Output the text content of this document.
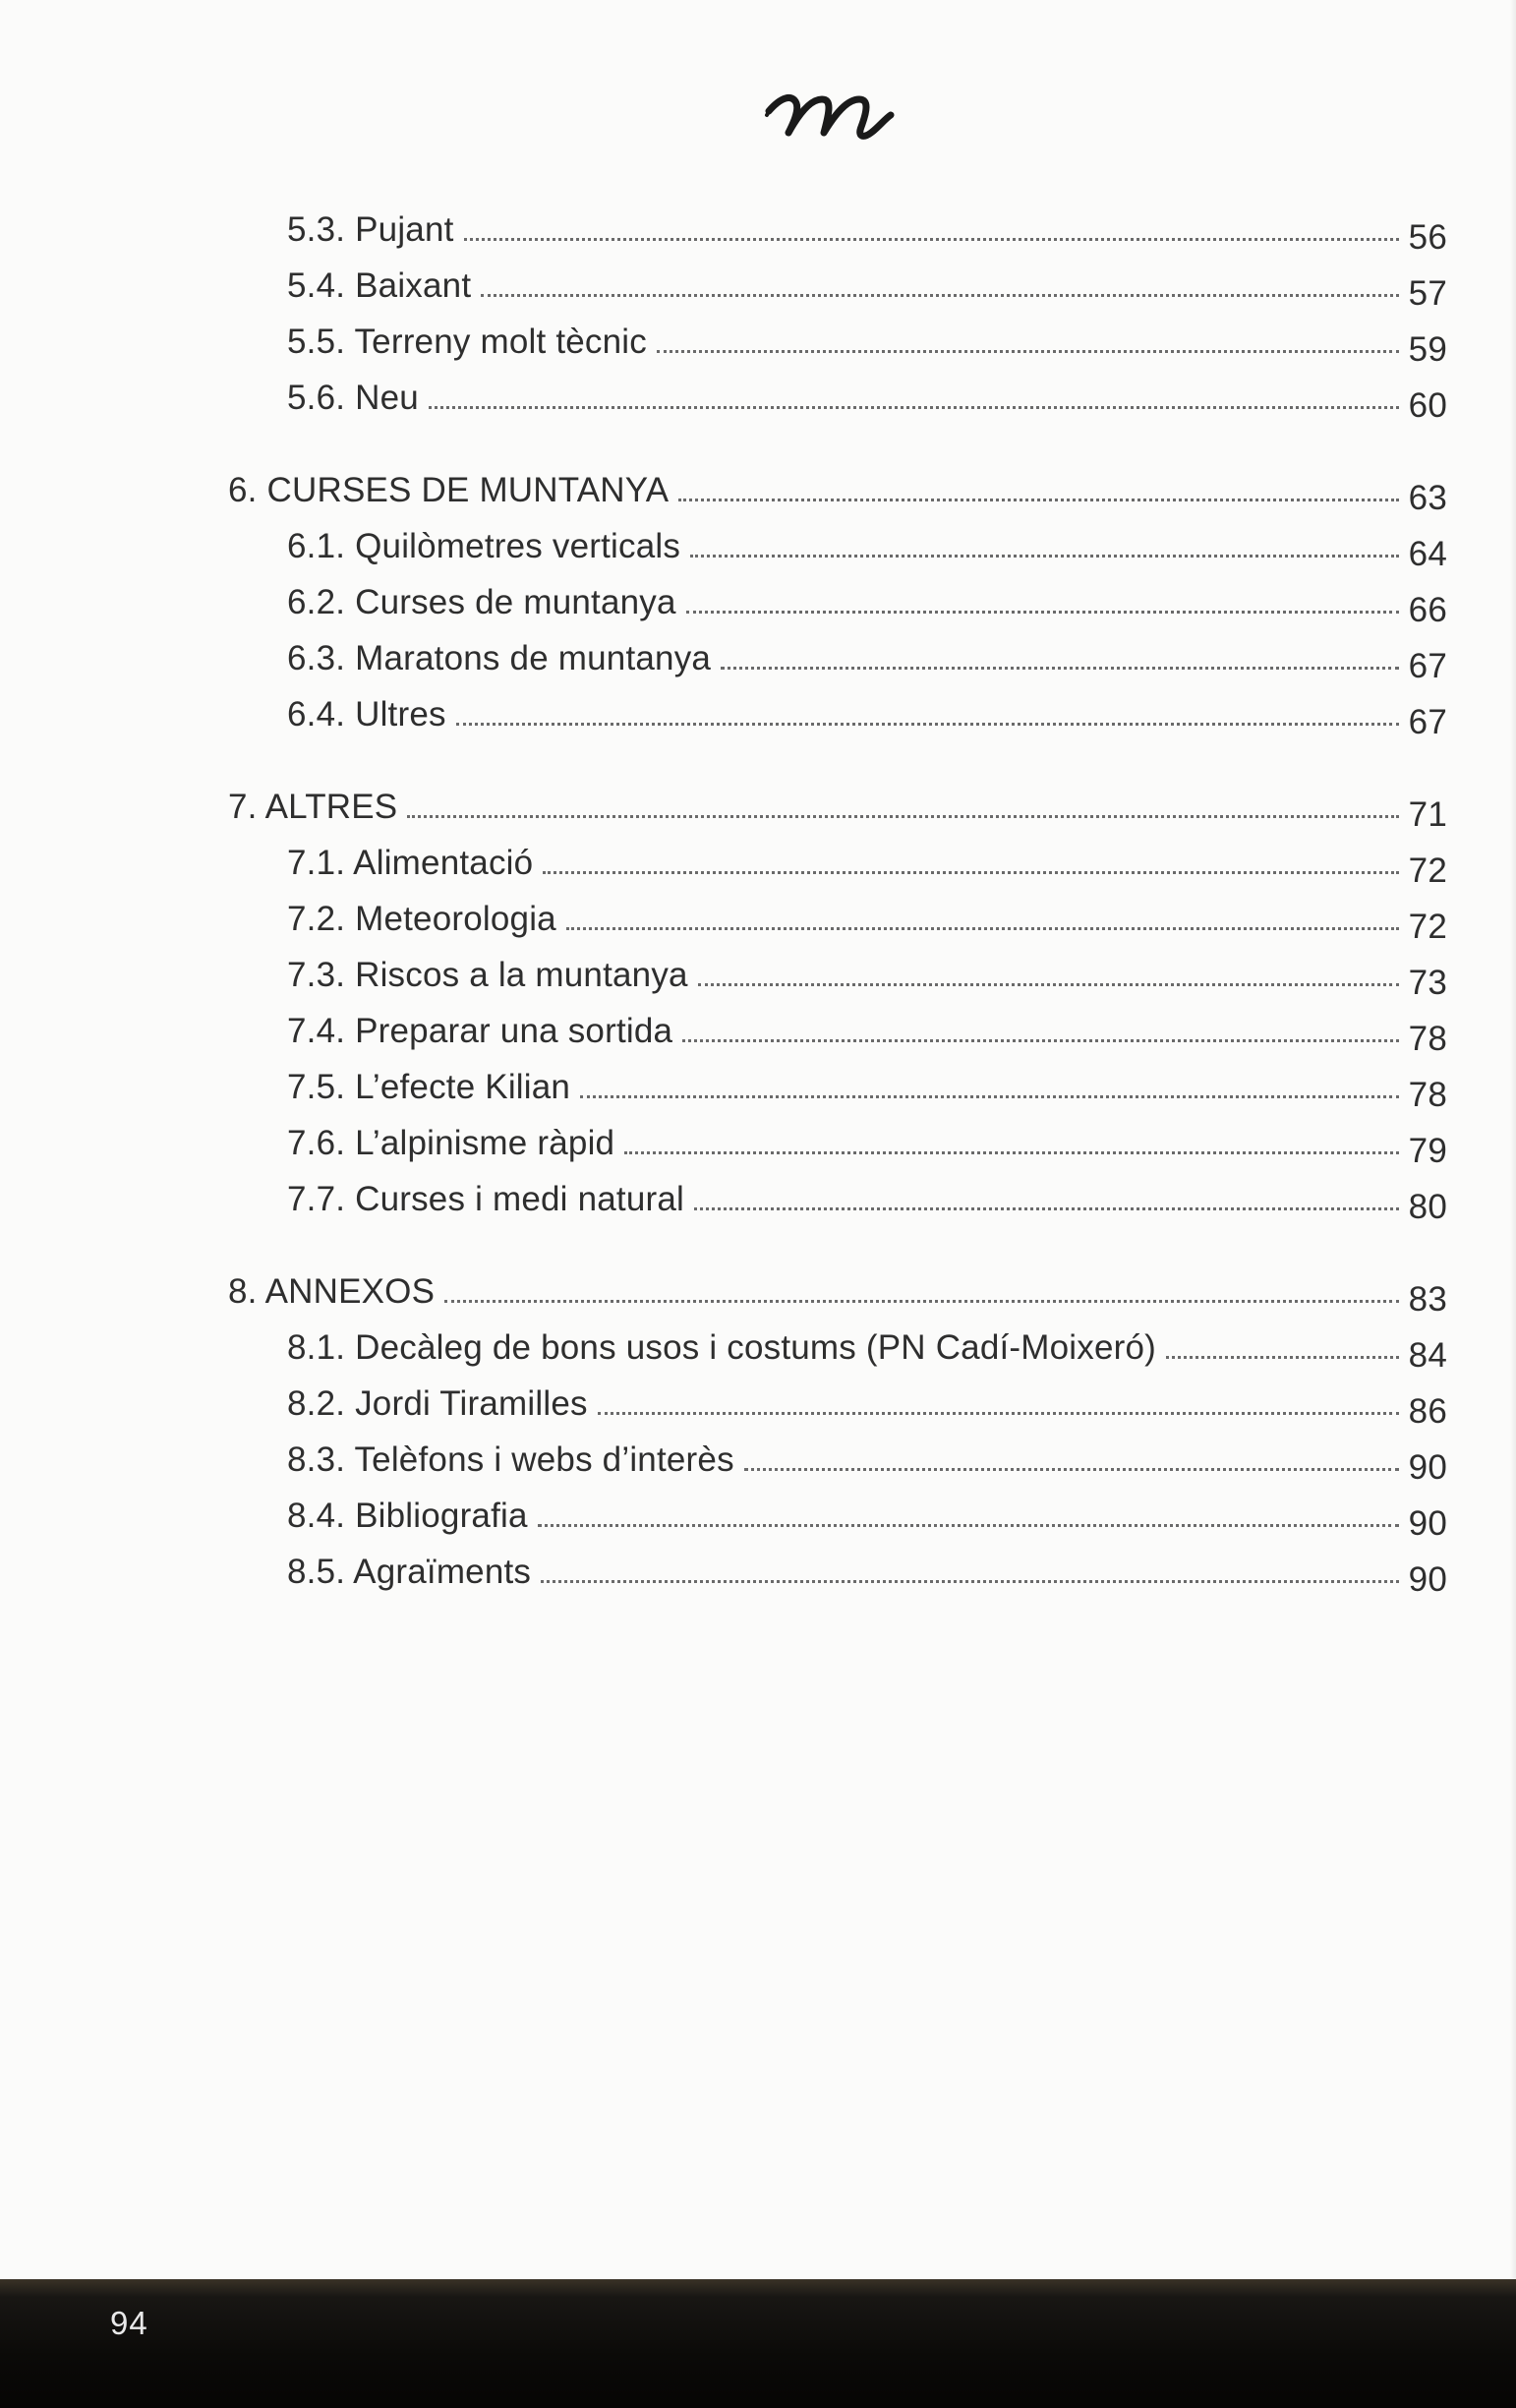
5.3. Pujant	56
5.4. Baixant	57
5.5. Terreny molt tècnic	59
5.6. Neu	60
6. CURSES DE MUNTANYA	63
6.1. Quilòmetres verticals	64
6.2. Curses de muntanya	66
6.3. Maratons de muntanya	67
6.4. Ultres	67
7. ALTRES	71
7.1. Alimentació	72
7.2. Meteorologia	72
7.3. Riscos a la muntanya	73
7.4. Preparar una sortida	78
7.5. L’efecte Kilian	78
7.6. L’alpinisme ràpid	79
7.7. Curses i medi natural	80
8. ANNEXOS	83
8.1. Decàleg de bons usos i costums (PN Cadí-Moixeró)	84
8.2. Jordi Tiramilles	86
8.3. Telèfons i webs d’interès	90
8.4. Bibliografia	90
8.5. Agraïments	90
94
